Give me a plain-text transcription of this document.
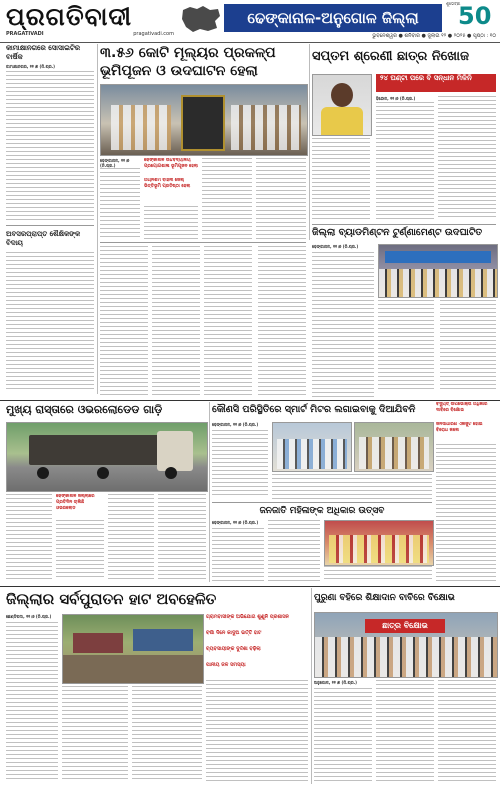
ପ୍ରଗତିବାଦୀ
PRAGATIVADI	pragativadi.com
ଢେଙ୍କାନାଳ-ଅନୁଗୋଳ ଜିଲ୍ଲା	50
ଶୁଭେଚ୍ଛା
ଭୁବନେଶ୍ୱର ● ଶନିବାର ● ଜୁଲାଇ ୧୨ ● ୨୦୨୫ ● ପୃଷ୍ଠା : ୧୦
କାମାକ୍ଷାନଗରେ ସୋସାଇଟିର ବାର୍ଷିକ
କାମାକ୍ଷାନଗର, ୧୧।୭ (ନି.ପ୍ର.)
ଅବସରପ୍ରାପ୍ତ ଶୈକ୍ଷିକଙ୍କ ବିଦାୟ
୩.୫୬ କୋଟି ମୂଲ୍ୟର ପ୍ରକଳ୍ପ ଭୂମିପୂଜନ ଓ ଉଦଘାଟନ ହେଲା
ଢେଙ୍କାନାଳ, ୧୧।୭ (ନି.ପ୍ର.)
ଢେଙ୍କାନାଳ ଉଚ୍ଚବିଦ୍ୟାଳୟ ପ୍ରୟୋଗଶାଳା ଭୂମିପୂଜନ ହେଲା
ଅଗ୍ନିଶମ ବାହିନୀ ଜେଲ୍ ଭିତ୍ତିଭୂମି ପ୍ରତିଷ୍ଠା ହେଲା
ସପ୍ତମ ଶ୍ରେଣୀ ଛାତ୍ର ନିଖୋଜ
୨୪ ଘଣ୍ଟା ପରେ ବି ସନ୍ଧାନ ମିଳିନି
ହିନ୍ଦୋଳ, ୧୧।୭ (ନି.ପ୍ର.)
ଜିଲ୍ଲା ବ୍ୟାଡମିଣ୍ଟନ ଟୁର୍ଣ୍ଣାମେଣ୍ଟ ଉଦଘାଟିତ
ଢେଙ୍କାନାଳ, ୧୧।୭ (ନି.ପ୍ର.)
ମୁଖ୍ୟ ରାସ୍ତାରେ ଓଭରଲୋଡେଡ ଗାଡ଼ି
ଢେଙ୍କାନାଳ ଜିଲ୍ଲାରେ ପ୍ରତିଦିନ ଚାଲିଛି ଓଭରଲୋଡ
କୌଣସି ପରିସ୍ଥିତିରେ ସ୍ମାର୍ଟ ମିଟର ଲଗାଇବାକୁ ଦିଆଯିବନି
ଢେଙ୍କାନାଳ, ୧୧।୭ (ନି.ପ୍ର.)
ବିଦ୍ୟୁତ୍ ଉପଭୋକ୍ତା ଅଧିକାର ଦାବିରେ ବିକ୍ଷୋଭ
ଜନସାଧାରଣ ଏକଜୁଟ ହୋଇ ବିରୋଧ କଲେ
ଜନଜାତି ମହିଳାଙ୍କ ଅଧିକାର ଉତ୍ସବ
ଢେଙ୍କାନାଳ, ୧୧।୭ (ନି.ପ୍ର.)
ଜିଲ୍ଲାର ସର୍ବପୁରାତନ ହାଟ ଅବହେଳିତ
ଛେଣ୍ଡିପଦା, ୧୧।୭ (ନି.ପ୍ର.)	ଗ୍ରାମବାସୀଙ୍କ ଅଭିଯୋଗ ଶୁଣୁନି ପ୍ରଶାସନ
ବର୍ଷା ଦିନେ କାଦୁଅ ଭର୍ତ୍ତି ହାଟ
ବ୍ୟବସାୟୀଙ୍କ ଦୁର୍ଦ୍ଦଶା ବଢ଼ିଲା
ପାନୀୟ ଜଳ ସମସ୍ୟା
ପୁରୁଣା ବହିରେ ଶିକ୍ଷାଦାନ ବାବିରେ ବିକ୍ଷୋଭ
ଛାତ୍ର ବିକ୍ଷୋଭ
ଅନୁଗୋଳ, ୧୧।୭ (ନି.ପ୍ର.)
